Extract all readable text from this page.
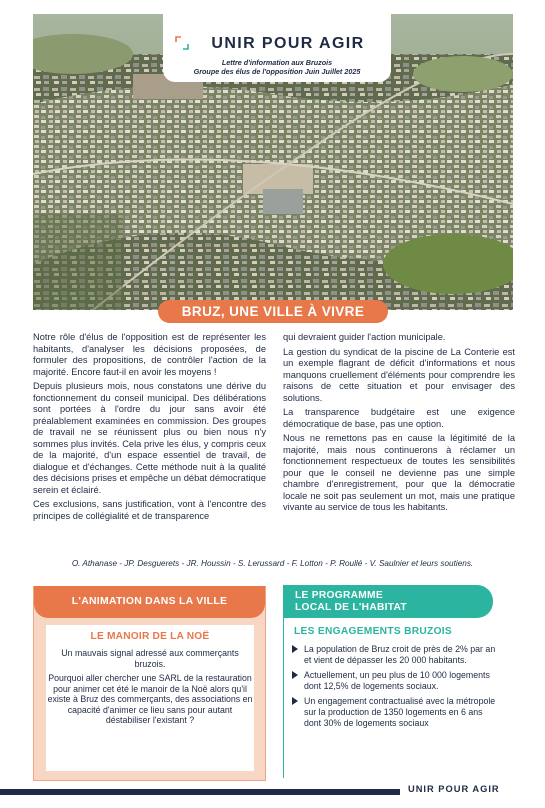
UNIR POUR AGIR
Lettre d'information aux Bruzois
Groupe des élus de l'opposition Juin Juillet 2025
BRUZ, UNE VILLE À VIVRE

Notre rôle d'élus de l'opposition est de représenter les habitants, d'analyser les décisions proposées, de formuler des propositions, de contrôler l'action de la majorité. Encore faut-il en avoir les moyens !

Depuis plusieurs mois, nous constatons une dérive du fonctionnement du conseil municipal. Des délibérations sont portées à l'ordre du jour sans avoir été préalablement examinées en commission. Des groupes de travail ne se réunissent plus ou bien nous n'y sommes plus invités. Cela prive les élus, y compris ceux de la majorité, d'un espace essentiel de travail, de dialogue et d'échanges. Cette méthode nuit à la qualité des décisions prises et empêche un débat démocratique serein et éclairé.

Ces exclusions, sans justification, vont à l'encontre des principes de collégialité et de transparence

qui devraient guider l'action municipale.

La gestion du syndicat de la piscine de La Conterie est un exemple flagrant de déficit d'informations et nous manquons cruellement d'éléments pour comprendre les raisons de cette situation et pour envisager des solutions.

La transparence budgétaire est une exigence démocratique de base, pas une option.

Nous ne remettons pas en cause la légitimité de la majorité, mais nous continuerons à réclamer un fonctionnement respectueux de toutes les sensibilités pour que le conseil ne devienne pas une simple chambre d'enregistrement, pour que la démocratie locale ne soit pas seulement un mot, mais une pratique vivante au service de tous les habitants.

O. Athanase - JP. Desguerets - JR. Houssin - S. Lerussard - F. Lotton - P. Roullé - V. Saulnier et leurs soutiens.
L'ANIMATION DANS LA VILLE
LE MANOIR DE LA NOË

Un mauvais signal adressé aux commerçants bruzois.

Pourquoi aller chercher une SARL de la restauration pour animer cet été le manoir de la Noë alors qu'il existe à Bruz des commerçants, des associations en capacité d'animer ce lieu sans pour autant déstabiliser l'existant ?

LE PROGRAMME
LOCAL DE L'HABITAT
LES ENGAGEMENTS BRUZOIS
La population de Bruz croit de près de 2% par an et vient de dépasser les 20 000 habitants.
Actuellement, un peu plus de 10 000 logements dont 12,5% de logements sociaux.
Un engagement contractualisé avec la métropole sur la production de 1350 logements en 6 ans dont 30% de logements sociaux
UNIR POUR AGIR
